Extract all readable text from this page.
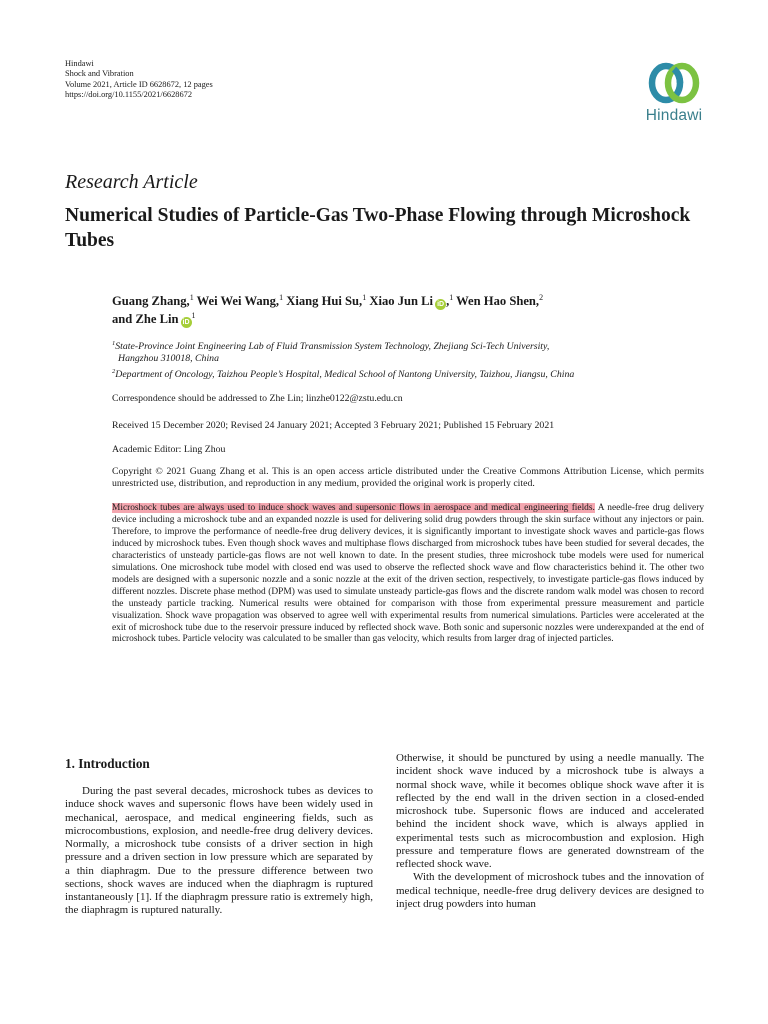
Hindawi
Shock and Vibration
Volume 2021, Article ID 6628672, 12 pages
https://doi.org/10.1155/2021/6628672
Hindawi
Research Article
Numerical Studies of Particle-Gas Two-Phase Flowing through Microshock Tubes
Guang Zhang,$^1$ Wei Wei Wang,$^1$ Xiang Hui Su,$^1$ Xiao Jun Li iD ,$^1$ Wen Hao Shen,$^2$
and Zhe Lin $iD^1$
$^1$State-Province Joint Engineering Lab of Fluid Transmission System Technology, Zhejiang Sci-Tech University,
Hangzhou 310018, China
$^2$Department of Oncology, Taizhou People’s Hospital, Medical School of Nantong University, Taizhou, Jiangsu, China
Correspondence should be addressed to Zhe Lin; linzhe0122@zstu.edu.cn
Received 15 December 2020; Revised 24 January 2021; Accepted 3 February 2021; Published 15 February 2021
Academic Editor: Ling Zhou
Copyright © 2021 Guang Zhang et al. This is an open access article distributed under the Creative Commons Attribution License, which permits unrestricted use, distribution, and reproduction in any medium, provided the original work is properly cited.
Microshock tubes are always used to induce shock waves and supersonic flows in aerospace and medical engineering fields. A needle-free drug delivery device including a microshock tube and an expanded nozzle is used for delivering solid drug powders through the skin surface without any injectors or pain. Therefore, to improve the performance of needle-free drug delivery devices, it is significantly important to investigate shock waves and particle-gas flows induced by microshock tubes. Even though shock waves and multiphase flows discharged from microshock tubes have been studied for several decades, the characteristics of unsteady particle-gas flows are not well known to date. In the present studies, three microshock tube models were used for numerical simulations. One microshock tube model with closed end was used to observe the reflected shock wave and flow characteristics behind it. The other two models are designed with a supersonic nozzle and a sonic nozzle at the exit of the driven section, respectively, to investigate particle-gas flows induced by different nozzles. Discrete phase method (DPM) was used to simulate unsteady particle-gas flows and the discrete random walk model was chosen to record the unsteady particle tracking. Numerical results were obtained for comparison with those from experimental pressure measurement and particle visualization. Shock wave propagation was observed to agree well with experimental results from numerical simulations. Particles were accelerated at the exit of microshock tube due to the reservoir pressure induced by reflected shock wave. Both sonic and supersonic nozzles were underexpanded at the end of microshock tubes. Particle velocity was calculated to be smaller than gas velocity, which results from larger drag of injected particles.
1. Introduction

During the past several decades, microshock tubes as devices to induce shock waves and supersonic flows have been widely used in mechanical, aerospace, and medical engineering fields, such as microcombustions, explosion, and needle-free drug delivery devices. Normally, a microshock tube consists of a driver section in high pressure and a driven section in low pressure which are separated by a thin diaphragm. Due to the pressure difference between two sections, shock waves are induced when the diaphragm is ruptured instantaneously [1]. If the diaphragm pressure ratio is extremely high, the diaphragm is ruptured naturally.

Otherwise, it should be punctured by using a needle manually. The incident shock wave induced by a microshock tube is always a normal shock wave, while it becomes oblique shock wave after it is reflected by the end wall in the driven section in a closed-ended microshock tube. Supersonic flows are induced and accelerated behind the incident shock wave, which is always applied in experimental tests such as microcombustion and explosion. High pressure and temperature flows are generated downstream of the reflected shock wave.

With the development of microshock tubes and the innovation of medical technique, needle-free drug delivery devices are designed to inject drug powders into human
